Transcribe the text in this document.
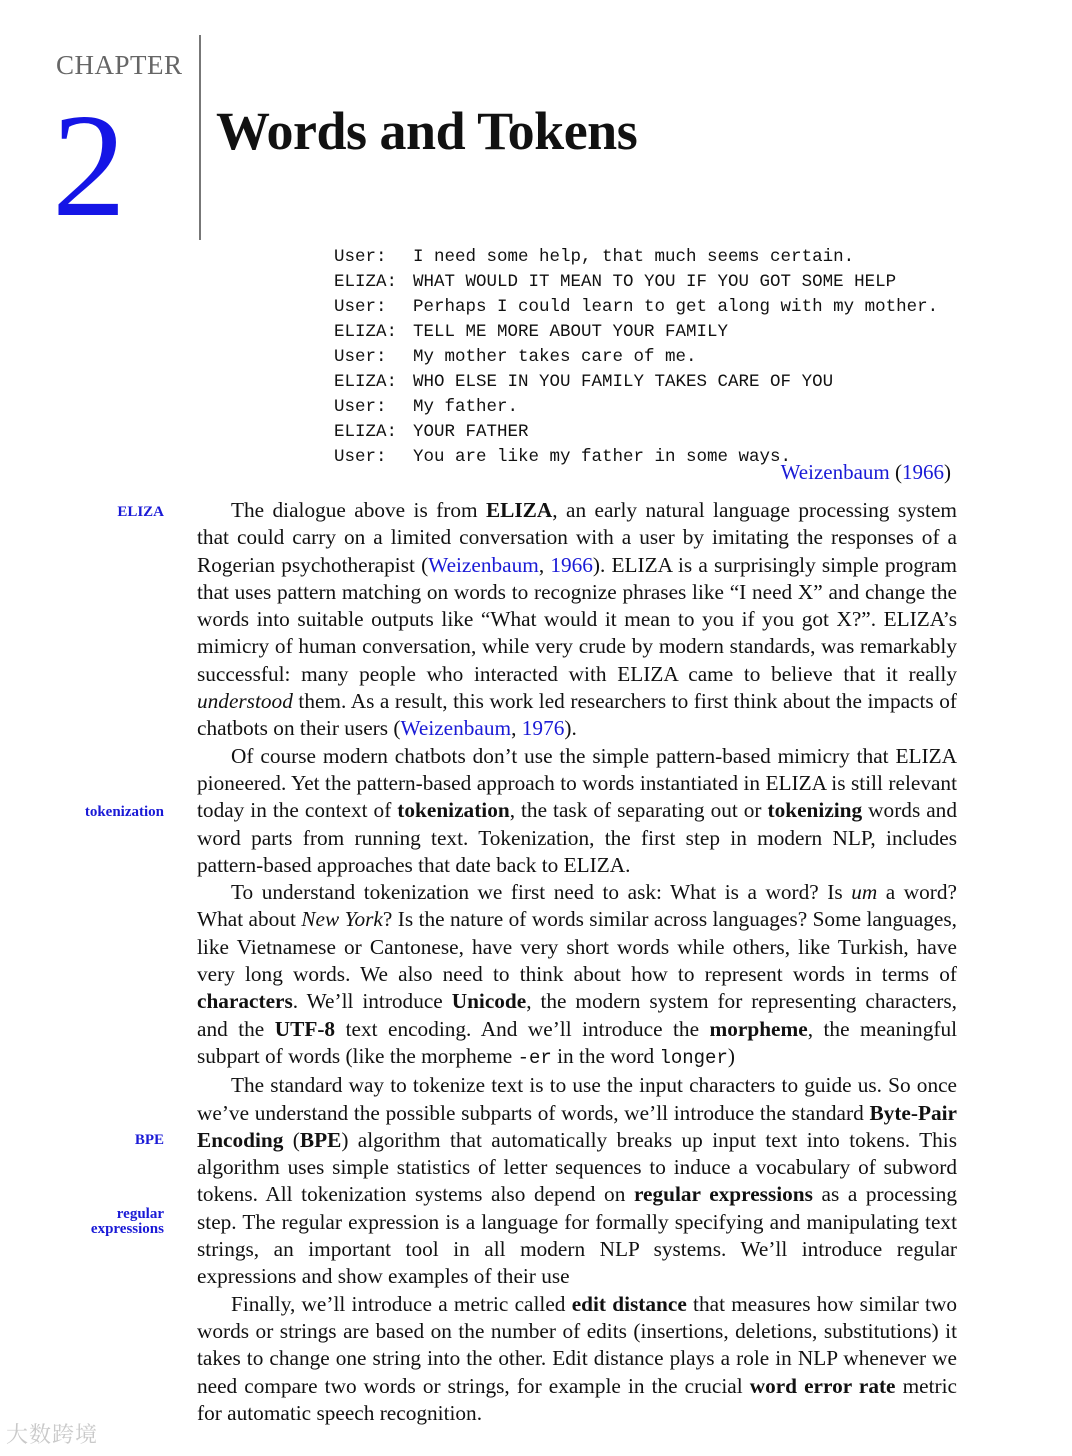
CHAPTER
2 Words and Tokens
User: I need some help, that much seems certain.
ELIZA: WHAT WOULD IT MEAN TO YOU IF YOU GOT SOME HELP
User: Perhaps I could learn to get along with my mother.
ELIZA: TELL ME MORE ABOUT YOUR FAMILY
User: My mother takes care of me.
ELIZA: WHO ELSE IN YOU FAMILY TAKES CARE OF YOU
User: My father.
ELIZA: YOUR FATHER
User: You are like my father in some ways.
Weizenbaum (1966)
ELIZA
tokenization
BPE
regular
expressions

The dialogue above is from ELIZA, an early natural language processing system that could carry on a limited conversation with a user by imitating the responses of a Rogerian psychotherapist (Weizenbaum, 1966). ELIZA is a surprisingly simple program that uses pattern matching on words to recognize phrases like “I need X” and change the words into suitable outputs like “What would it mean to you if you got X?”. ELIZA’s mimicry of human conversation, while very crude by modern standards, was remarkably successful: many people who interacted with ELIZA came to believe that it really understood them. As a result, this work led researchers to first think about the impacts of chatbots on their users (Weizenbaum, 1976).

Of course modern chatbots don’t use the simple pattern-based mimicry that ELIZA pioneered. Yet the pattern-based approach to words instantiated in ELIZA is still relevant today in the context of tokenization, the task of separating out or tokenizing words and word parts from running text. Tokenization, the first step in modern NLP, includes pattern-based approaches that date back to ELIZA.

To understand tokenization we first need to ask: What is a word? Is um a word? What about New York? Is the nature of words similar across languages? Some languages, like Vietnamese or Cantonese, have very short words while others, like Turkish, have very long words. We also need to think about how to represent words in terms of characters. We’ll introduce Unicode, the modern system for representing characters, and the UTF-8 text encoding. And we’ll introduce the morpheme, the meaningful subpart of words (like the morpheme -er in the word longer)

The standard way to tokenize text is to use the input characters to guide us. So once we’ve understand the possible subparts of words, we’ll introduce the standard Byte-Pair Encoding (BPE) algorithm that automatically breaks up input text into tokens. This algorithm uses simple statistics of letter sequences to induce a vocabulary of subword tokens. All tokenization systems also depend on regular expressions as a processing step. The regular expression is a language for formally specifying and manipulating text strings, an important tool in all modern NLP systems. We’ll introduce regular expressions and show examples of their use

Finally, we’ll introduce a metric called edit distance that measures how similar two words or strings are based on the number of edits (insertions, deletions, substitutions) it takes to change one string into the other. Edit distance plays a role in NLP whenever we need compare two words or strings, for example in the crucial word error rate metric for automatic speech recognition.

大数跨境
